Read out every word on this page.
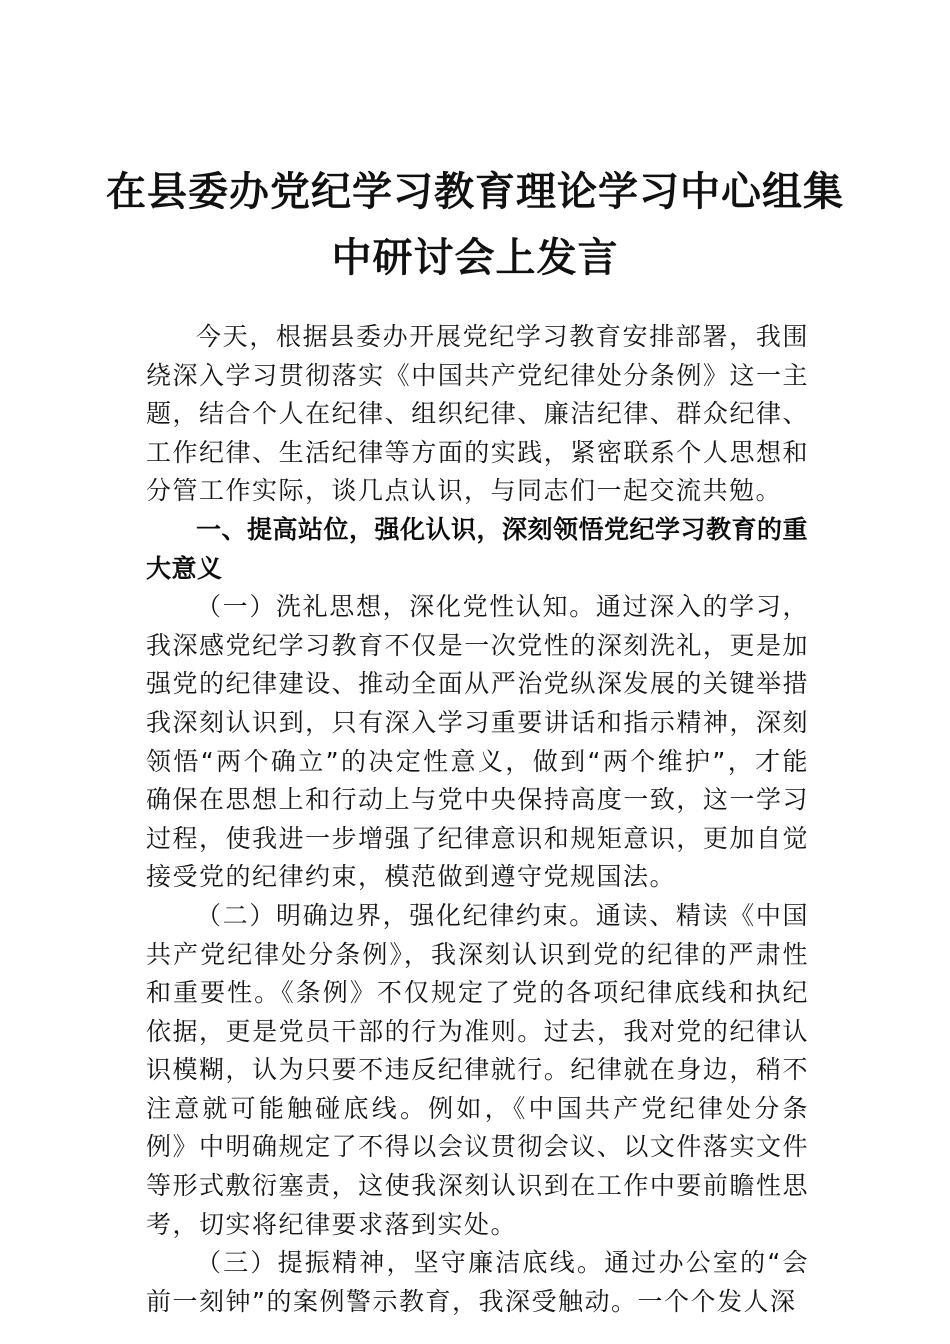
在县委办党纪学习教育理论学习中心组集
中研讨会上发言

今天，根据县委办开展党纪学习教育安排部署，我围绕深入学习贯彻落实《中国共产党纪律处分条例》这一主题，结合个人在纪律、组织纪律、廉洁纪律、群众纪律、工作纪律、生活纪律等方面的实践，紧密联系个人思想和分管工作实际，谈几点认识，与同志们一起交流共勉。

一、提高站位，强化认识，深刻领悟党纪学习教育的重大意义

（一）洗礼思想，深化党性认知。通过深入的学习，我深感党纪学习教育不仅是一次党性的深刻洗礼，更是加强党的纪律建设、推动全面从严治党纵深发展的关键举措我深刻认识到，只有深入学习重要讲话和指示精神，深刻领悟“两个确立”的决定性意义，做到“两个维护”，才能确保在思想上和行动上与党中央保持高度一致，这一学习过程，使我进一步增强了纪律意识和规矩意识，更加自觉接受党的纪律约束，模范做到遵守党规国法。

（二）明确边界，强化纪律约束。通读、精读《中国共产党纪律处分条例》，我深刻认识到党的纪律的严肃性和重要性。《条例》不仅规定了党的各项纪律底线和执纪依据，更是党员干部的行为准则。过去，我对党的纪律认识模糊，认为只要不违反纪律就行。纪律就在身边，稍不注意就可能触碰底线。例如，《中国共产党纪律处分条例》中明确规定了不得以会议贯彻会议、以文件落实文件等形式敷衍塞责，这使我深刻认识到在工作中要前瞻性思考，切实将纪律要求落到实处。

（三）提振精神，坚守廉洁底线。通过办公室的“会前一刻钟”的案例警示教育，我深受触动。一个个发人深
